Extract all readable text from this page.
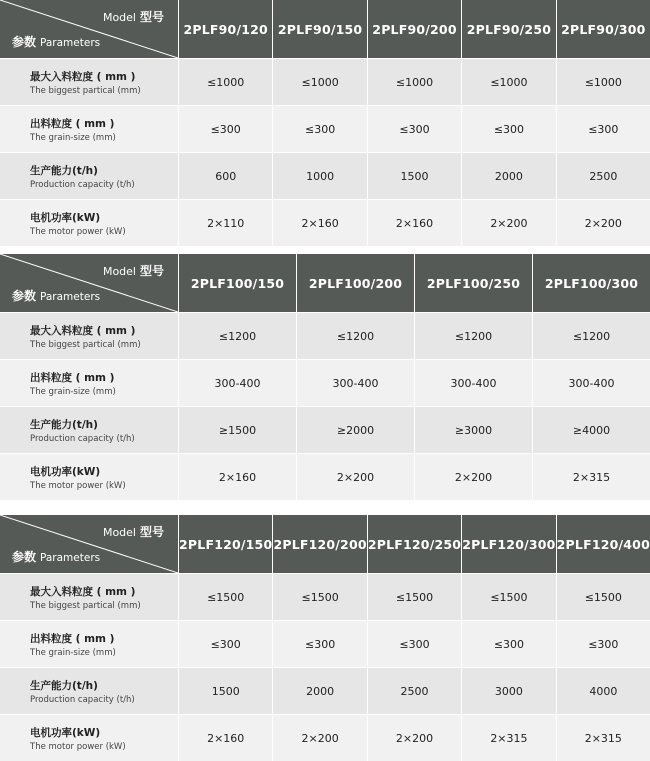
Model 型号
参数 Parameters
2PLF90/120 2PLF90/150 2PLF90/200 2PLF90/250 2PLF90/300
最大入料粒度 ( mm )
The biggest partical (mm)
≤1000	≤1000	≤1000	≤1000	≤1000
出料粒度 ( mm )
The grain-size (mm)
≤300	≤300	≤300	≤300	≤300
生产能力(t/h)
Production capacity (t/h)
600	1000	1500	2000	2500
电机功率(kW)
The motor power (kW)
2×110	2×160	2×160	2×200	2×200
Model 型号
参数 Parameters
2PLF100/150	2PLF100/200	2PLF100/250	2PLF100/300
最大入料粒度 ( mm )
The biggest partical (mm)
≤1200	≤1200	≤1200	≤1200
出料粒度 ( mm )
The grain-size (mm)
300-400	300-400	300-400	300-400
生产能力(t/h)
Production capacity (t/h)
≥1500	≥2000	≥3000	≥4000
电机功率(kW)
The motor power (kW)
2×160	2×200	2×200	2×315
Model 型号
参数 Parameters
2PLF120/150 2PLF120/200 2PLF120/250 2PLF120/300 2PLF120/400
最大入料粒度 ( mm )
The biggest partical (mm)
≤1500	≤1500	≤1500	≤1500	≤1500
出料粒度 ( mm )
The grain-size (mm)
≤300	≤300	≤300	≤300	≤300
生产能力(t/h)
Production capacity (t/h)
1500	2000	2500	3000	4000
电机功率(kW)
The motor power (kW)
2×160	2×200	2×200	2×315	2×315
